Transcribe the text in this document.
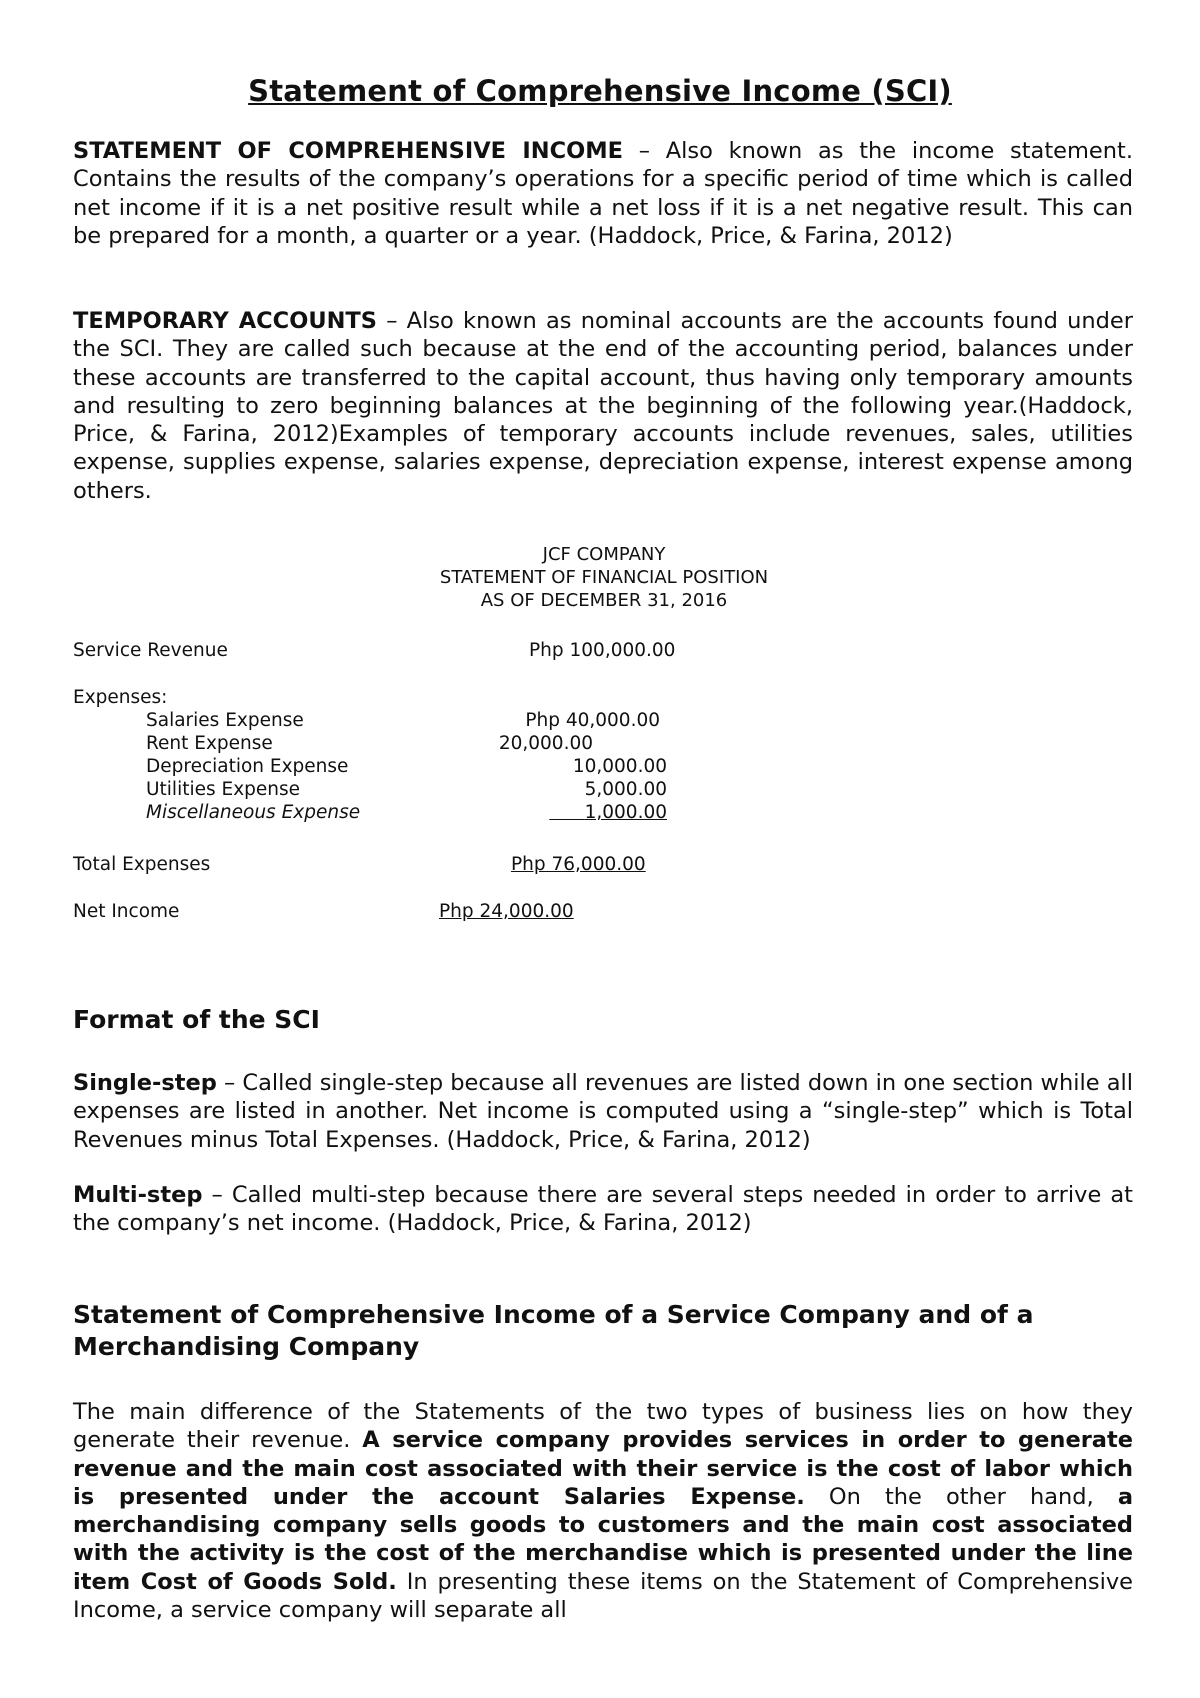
Statement of Comprehensive Income (SCI)

STATEMENT OF COMPREHENSIVE INCOME – Also known as the income statement. Contains the results of the company’s operations for a specific period of time which is called net income if it is a net positive result while a net loss if it is a net negative result. This can be prepared for a month, a quarter or a year. (Haddock, Price, & Farina, 2012)

TEMPORARY ACCOUNTS – Also known as nominal accounts are the accounts found under the SCI. They are called such because at the end of the accounting period, balances under these accounts are transferred to the capital account, thus having only temporary amounts and resulting to zero beginning balances at the beginning of the following year.(Haddock, Price, & Farina, 2012)Examples of temporary accounts include revenues, sales, utilities expense, supplies expense, salaries expense, depreciation expense, interest expense among others.

JCF COMPANY
STATEMENT OF FINANCIAL POSITION
AS OF DECEMBER 31, 2016
Service Revenue	Php 100,000.00
Expenses:
Salaries Expense	Php 40,000.00
Rent Expense	20,000.00
Depreciation Expense	10,000.00
Utilities Expense	5,000.00
Miscellaneous Expense	1,000.00
Total Expenses	Php 76,000.00
Net Income	Php 24,000.00
Format of the SCI

Single-step – Called single-step because all revenues are listed down in one section while all expenses are listed in another. Net income is computed using a “single-step” which is Total Revenues minus Total Expenses. (Haddock, Price, & Farina, 2012)

Multi-step – Called multi-step because there are several steps needed in order to arrive at the company’s net income. (Haddock, Price, & Farina, 2012)

Statement of Comprehensive Income of a Service Company and of a Merchandising Company

The main difference of the Statements of the two types of business lies on how they generate their revenue. A service company provides services in order to generate revenue and the main cost associated with their service is the cost of labor which is presented under the account Salaries Expense. On the other hand, a merchandising company sells goods to customers and the main cost associated with the activity is the cost of the merchandise which is presented under the line item Cost of Goods Sold. In presenting these items on the Statement of Comprehensive Income, a service company will separate all
